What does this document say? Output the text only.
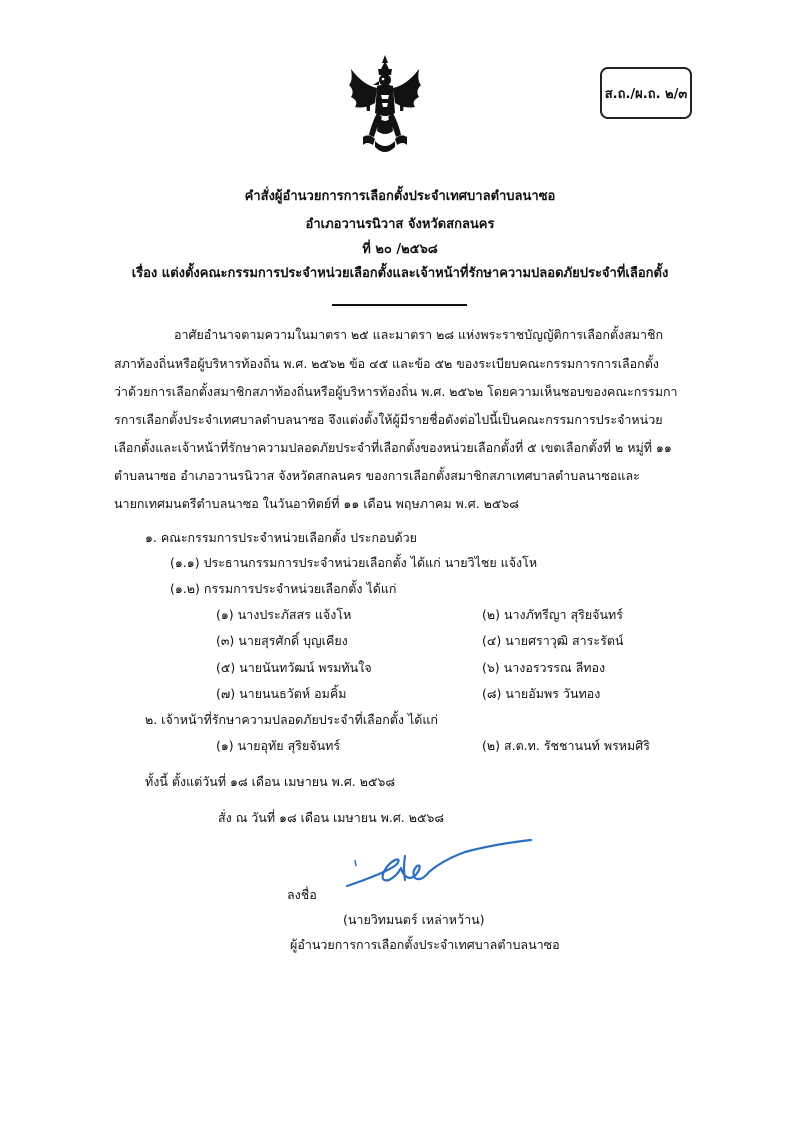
ส.ถ./ผ.ถ. ๒/๓
คำสั่งผู้อำนวยการการเลือกตั้งประจำเทศบาลตำบลนาซอ
อำเภอวานรนิวาส จังหวัดสกลนคร
ที่ ๒๐ /๒๕๖๘
เรื่อง แต่งตั้งคณะกรรมการประจำหน่วยเลือกตั้งและเจ้าหน้าที่รักษาความปลอดภัยประจำที่เลือกตั้ง
อาศัยอำนาจตามความในมาตรา ๒๕ และมาตรา ๒๘ แห่งพระราชบัญญัติการเลือกตั้งสมาชิก
สภาท้องถิ่นหรือผู้บริหารท้องถิ่น พ.ศ. ๒๕๖๒ ข้อ ๔๕ และข้อ ๕๒ ของระเบียบคณะกรรมการการเลือกตั้ง
ว่าด้วยการเลือกตั้งสมาชิกสภาท้องถิ่นหรือผู้บริหารท้องถิ่น พ.ศ. ๒๕๖๒ โดยความเห็นชอบของคณะกรรมกา
รการเลือกตั้งประจำเทศบาลตำบลนาซอ จึงแต่งตั้งให้ผู้มีรายชื่อดังต่อไปนี้เป็นคณะกรรมการประจำหน่วย
เลือกตั้งและเจ้าหน้าที่รักษาความปลอดภัยประจำที่เลือกตั้งของหน่วยเลือกตั้งที่ ๕ เขตเลือกตั้งที่ ๒ หมู่ที่ ๑๑
ตำบลนาซอ อำเภอวานรนิวาส จังหวัดสกลนคร ของการเลือกตั้งสมาชิกสภาเทศบาลตำบลนาซอและ
นายกเทศมนตรีตำบลนาซอ ในวันอาทิตย์ที่ ๑๑ เดือน พฤษภาคม พ.ศ. ๒๕๖๘
๑. คณะกรรมการประจำหน่วยเลือกตั้ง ประกอบด้วย
(๑.๑) ประธานกรรมการประจำหน่วยเลือกตั้ง ได้แก่ นายวิไชย แจ้งโห
(๑.๒) กรรมการประจำหน่วยเลือกตั้ง ได้แก่
(๑) นางประภัสสร แจ้งโห	(๒) นางภัทรีญา สุริยจันทร์
(๓) นายสุรศักดิ์ บุญเคียง	(๔) นายศราวุฒิ สาระรัตน์
(๕) นายนันทวัฒน์ พรมทันใจ	(๖) นางอรวรรณ ลีทอง
(๗) นายนนธวัตห์ อมคิ้ม	(๘) นายอัมพร วันทอง
๒. เจ้าหน้าที่รักษาความปลอดภัยประจำที่เลือกตั้ง ได้แก่
(๑) นายอุทัย สุริยจันทร์	(๒) ส.ต.ท. รัชชานนท์ พรหมศิริ
ทั้งนี้ ตั้งแต่วันที่ ๑๘ เดือน เมษายน พ.ศ. ๒๕๖๘
สั่ง ณ วันที่ ๑๘ เดือน เมษายน พ.ศ. ๒๕๖๘
ลงชื่อ
(นายวิทมนตร์ เหล่าหว้าน)
ผู้อำนวยการการเลือกตั้งประจำเทศบาลตำบลนาซอ
